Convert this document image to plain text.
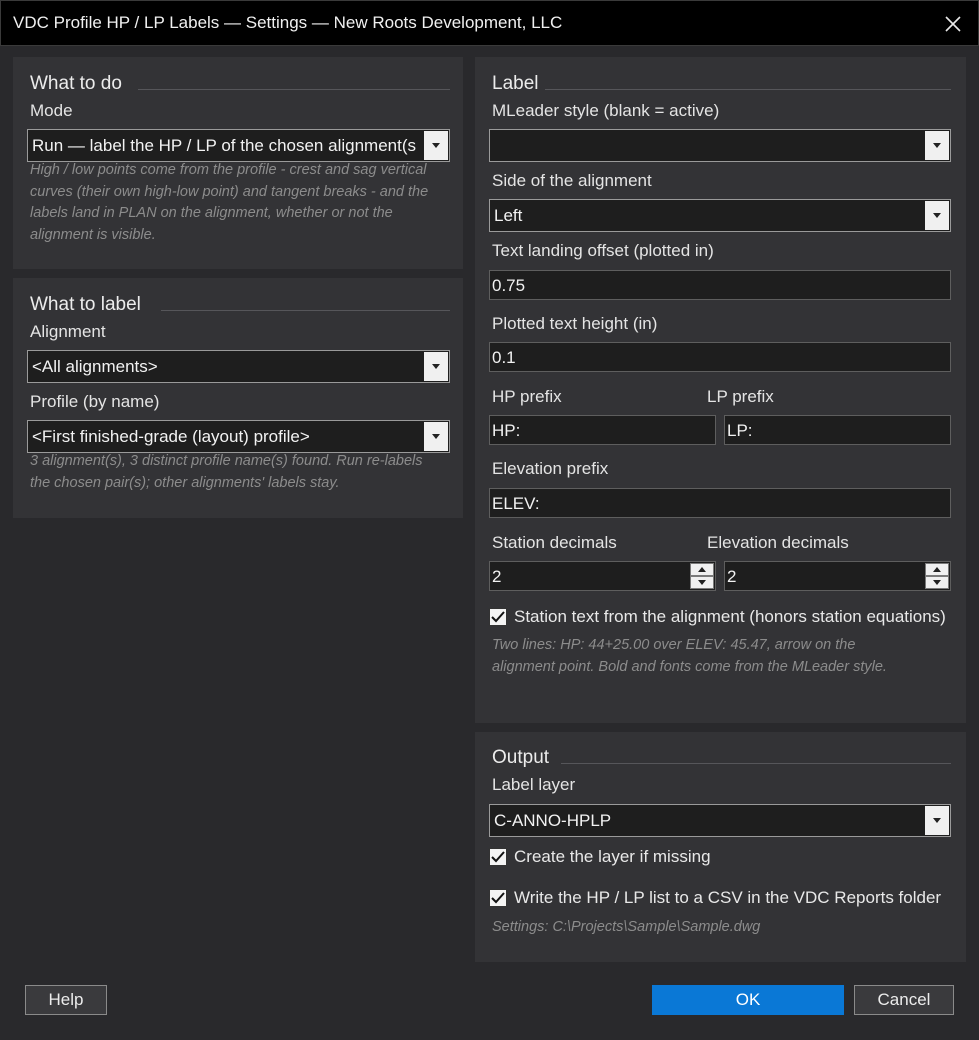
VDC Profile HP / LP Labels — Settings — New Roots Development, LLC
What to do
Mode
Run — label the HP / LP of the chosen alignment(s
High / low points come from the profile - crest and sag vertical curves (their own high-low point) and tangent breaks - and the labels land in PLAN on the alignment, whether or not the alignment is visible.
What to label
Alignment
<All alignments>
Profile (by name)
<First finished-grade (layout) profile>
3 alignment(s), 3 distinct profile name(s) found. Run re-labels the chosen pair(s); other alignments' labels stay.
Label
MLeader style (blank = active)
Side of the alignment
Left
Text landing offset (plotted in)
0.75
Plotted text height (in)
0.1
HP prefix
HP:
LP prefix
LP:
Elevation prefix
ELEV:
Station decimals
2
Elevation decimals
2
Station text from the alignment (honors station equations)
Two lines: HP: 44+25.00 over ELEV: 45.47, arrow on the alignment point. Bold and fonts come from the MLeader style.
Output
Label layer
C-ANNO-HPLP
Create the layer if missing
Write the HP / LP list to a CSV in the VDC Reports folder
Settings: C:\Projects\Sample\Sample.dwg
Help	OK	Cancel
